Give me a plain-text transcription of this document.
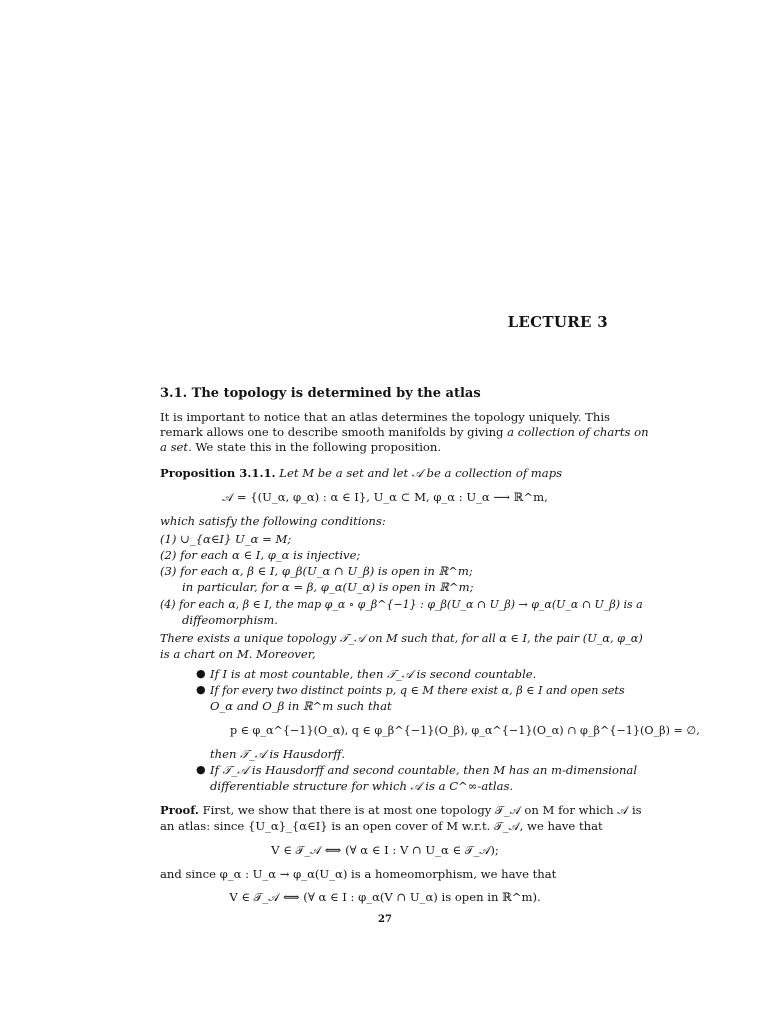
LECTURE 3
3.1. The topology is determined by the atlas
It is important to notice that an atlas determines the topology uniquely. This
remark allows one to describe smooth manifolds by giving a collection of charts on
a set. We state this in the following proposition.
Proposition 3.1.1. Let M be a set and let 𝒜 be a collection of maps
𝒜 = {(U_α, φ_α) : α ∈ I}, U_α ⊂ M, φ_α : U_α ⟶ ℝ^m,
which satisfy the following conditions:
(1) ∪_{α∈I} U_α = M;
(2) for each α ∈ I, φ_α is injective;
(3) for each α, β ∈ I, φ_β(U_α ∩ U_β) is open in ℝ^m;
in particular, for α = β, φ_α(U_α) is open in ℝ^m;
(4) for each α, β ∈ I, the map φ_α ∘ φ_β^{−1} : φ_β(U_α ∩ U_β) → φ_α(U_α ∩ U_β) is a
diffeomorphism.
There exists a unique topology 𝒯_𝒜 on M such that, for all α ∈ I, the pair (U_α, φ_α)
is a chart on M. Moreover,
● If I is at most countable, then 𝒯_𝒜 is second countable.
● If for every two distinct points p, q ∈ M there exist α, β ∈ I and open sets
O_α and O_β in ℝ^m such that
p ∈ φ_α^{−1}(O_α), q ∈ φ_β^{−1}(O_β), φ_α^{−1}(O_α) ∩ φ_β^{−1}(O_β) = ∅,
then 𝒯_𝒜 is Hausdorff.
● If 𝒯_𝒜 is Hausdorff and second countable, then M has an m-dimensional
differentiable structure for which 𝒜 is a C^∞-atlas.
Proof. First, we show that there is at most one topology 𝒯_𝒜 on M for which 𝒜 is
an atlas: since {U_α}_{α∈I} is an open cover of M w.r.t. 𝒯_𝒜, we have that
V ∈ 𝒯_𝒜 ⟺ (∀ α ∈ I : V ∩ U_α ∈ 𝒯_𝒜);
and since φ_α : U_α → φ_α(U_α) is a homeomorphism, we have that
V ∈ 𝒯_𝒜 ⟺ (∀ α ∈ I : φ_α(V ∩ U_α) is open in ℝ^m).
27
